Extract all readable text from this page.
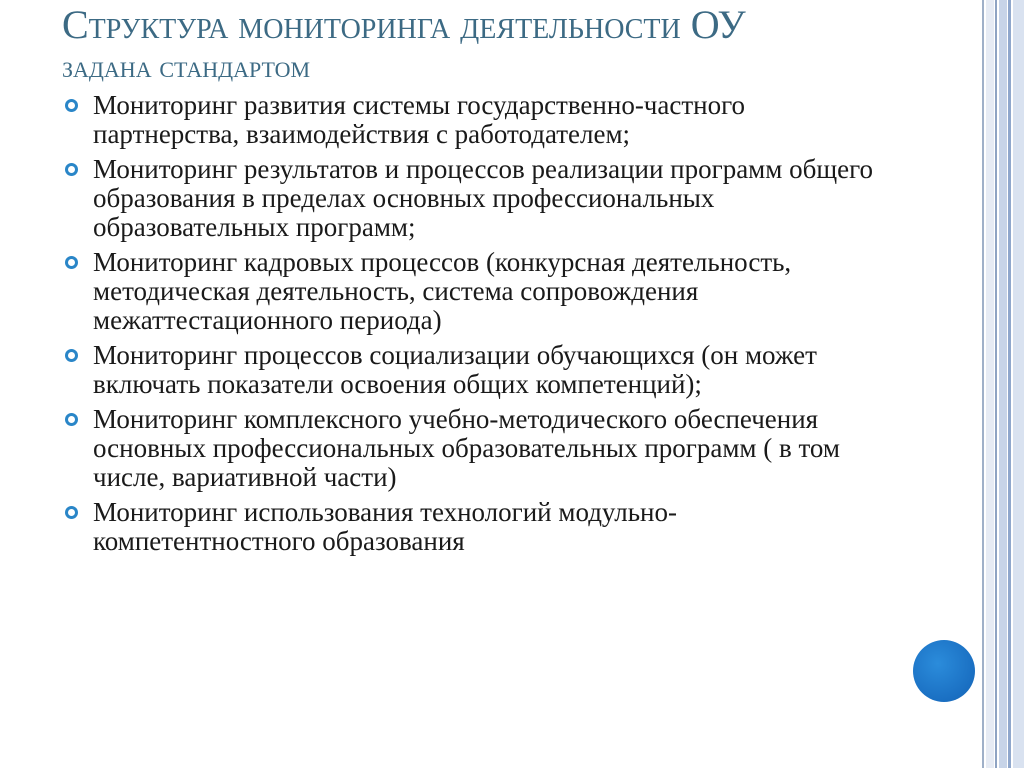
Структура мониторинга деятельности ОУ
задана стандартом
Мониторинг развития системы государственно-частного партнерства, взаимодействия с работодателем;
Мониторинг результатов и процессов реализации программ общего образования в пределах основных профессиональных образовательных программ;
Мониторинг кадровых процессов (конкурсная деятельность, методическая деятельность, система сопровождения межаттестационного периода)
Мониторинг процессов социализации обучающихся (он может включать показатели освоения общих компетенций);
Мониторинг комплексного учебно-методического обеспечения основных профессиональных образовательных программ ( в том числе, вариативной части)
Мониторинг использования технологий модульно-компетентностного образования
